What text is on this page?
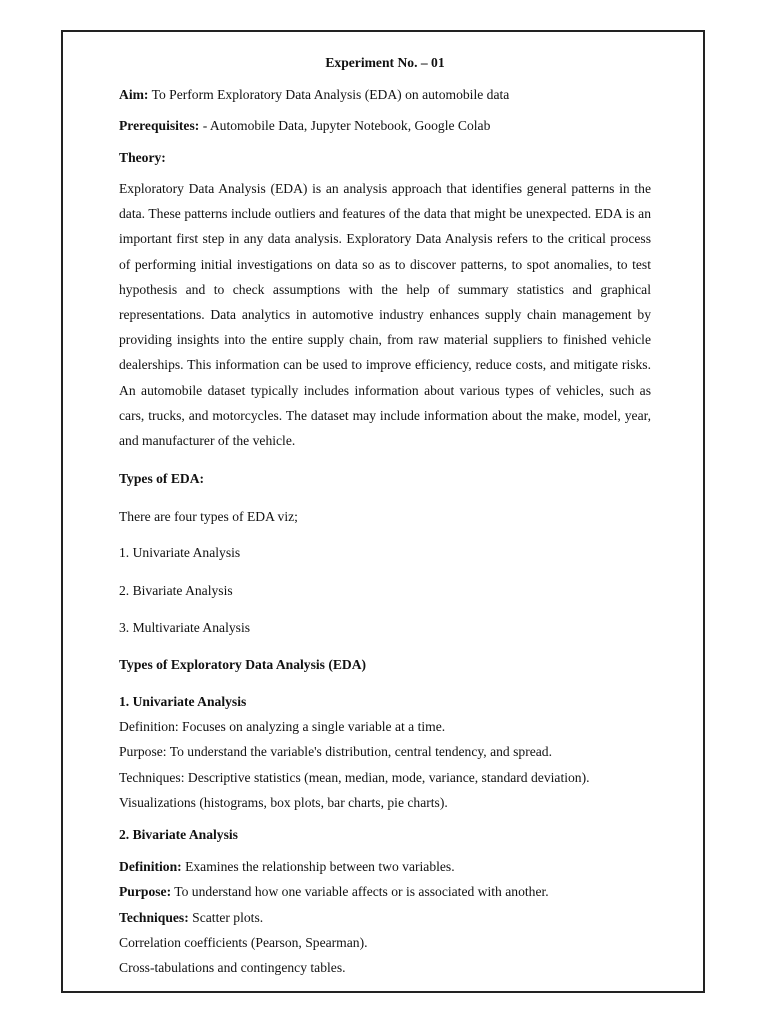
Experiment No. – 01
Aim: To Perform Exploratory Data Analysis (EDA) on automobile data
Prerequisites: - Automobile Data, Jupyter Notebook, Google Colab
Theory:
Exploratory Data Analysis (EDA) is an analysis approach that identifies general patterns in the data. These patterns include outliers and features of the data that might be unexpected. EDA is an important first step in any data analysis. Exploratory Data Analysis refers to the critical process of performing initial investigations on data so as to discover patterns, to spot anomalies, to test hypothesis and to check assumptions with the help of summary statistics and graphical representations. Data analytics in automotive industry enhances supply chain management by providing insights into the entire supply chain, from raw material suppliers to finished vehicle dealerships. This information can be used to improve efficiency, reduce costs, and mitigate risks. An automobile dataset typically includes information about various types of vehicles, such as cars, trucks, and motorcycles. The dataset may include information about the make, model, year, and manufacturer of the vehicle.
Types of EDA:
There are four types of EDA viz;
1. Univariate Analysis
2. Bivariate Analysis
3. Multivariate Analysis
Types of Exploratory Data Analysis (EDA)
1. Univariate Analysis
Definition: Focuses on analyzing a single variable at a time.
Purpose: To understand the variable's distribution, central tendency, and spread.
Techniques: Descriptive statistics (mean, median, mode, variance, standard deviation).
Visualizations (histograms, box plots, bar charts, pie charts).
2. Bivariate Analysis
Definition: Examines the relationship between two variables.
Purpose: To understand how one variable affects or is associated with another.
Techniques: Scatter plots.
Correlation coefficients (Pearson, Spearman).
Cross-tabulations and contingency tables.
